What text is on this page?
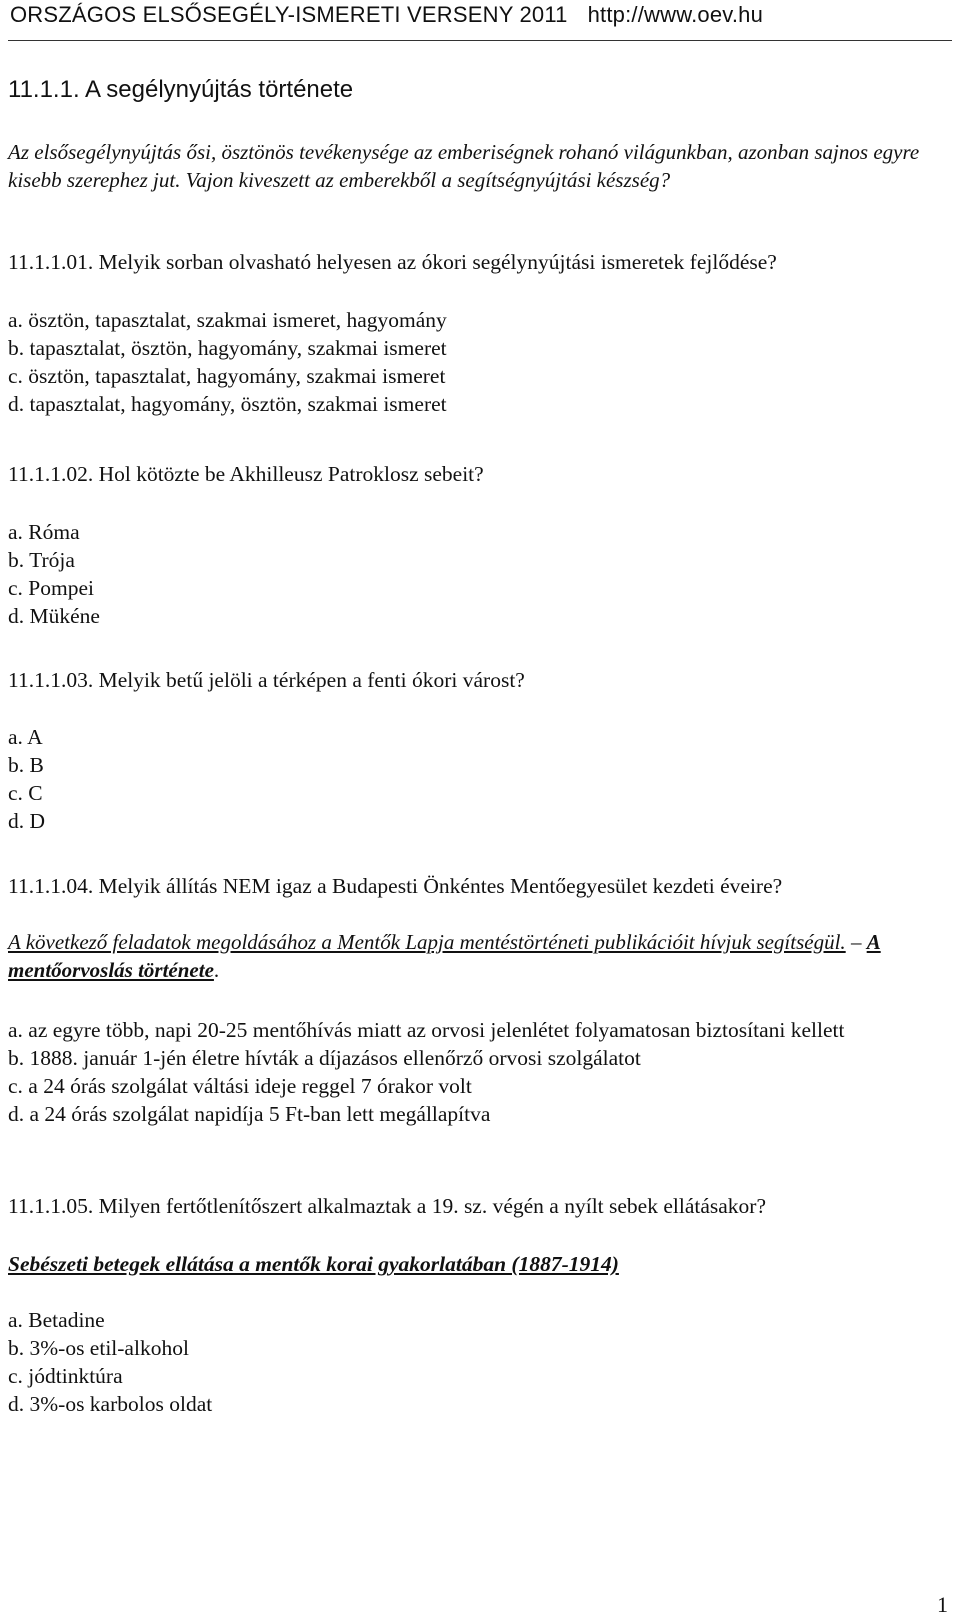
ORSZÁGOS ELSŐSEGÉLY-ISMERETI VERSENY 2011 http://www.oev.hu
11.1.1. A segélynyújtás története
Az elsősegélynyújtás ősi, ösztönös tevékenysége az emberiségnek rohanó világunkban, azonban sajnos egyre kisebb szerephez jut. Vajon kiveszett az emberekből a segítségnyújtási készség?
11.1.1.01. Melyik sorban olvasható helyesen az ókori segélynyújtási ismeretek fejlődése?
a. ösztön, tapasztalat, szakmai ismeret, hagyomány
b. tapasztalat, ösztön, hagyomány, szakmai ismeret
c. ösztön, tapasztalat, hagyomány, szakmai ismeret
d. tapasztalat, hagyomány, ösztön, szakmai ismeret
11.1.1.02. Hol kötözte be Akhilleusz Patroklosz sebeit?
a. Róma
b. Trója
c. Pompei
d. Mükéne
11.1.1.03. Melyik betű jelöli a térképen a fenti ókori várost?
a. A
b. B
c. C
d. D
11.1.1.04. Melyik állítás NEM igaz a Budapesti Önkéntes Mentőegyesület kezdeti éveire?
A következő feladatok megoldásához a Mentők Lapja mentéstörténeti publikációit hívjuk segítségül. – A mentőorvoslás története.
a. az egyre több, napi 20-25 mentőhívás miatt az orvosi jelenlétet folyamatosan biztosítani kellett
b. 1888. január 1-jén életre hívták a díjazásos ellenőrző orvosi szolgálatot
c. a 24 órás szolgálat váltási ideje reggel 7 órakor volt
d. a 24 órás szolgálat napidíja 5 Ft-ban lett megállapítva
11.1.1.05. Milyen fertőtlenítőszert alkalmaztak a 19. sz. végén a nyílt sebek ellátásakor?
Sebészeti betegek ellátása a mentők korai gyakorlatában (1887-1914)
a. Betadine
b. 3%-os etil-alkohol
c. jódtinktúra
d. 3%-os karbolos oldat
1
